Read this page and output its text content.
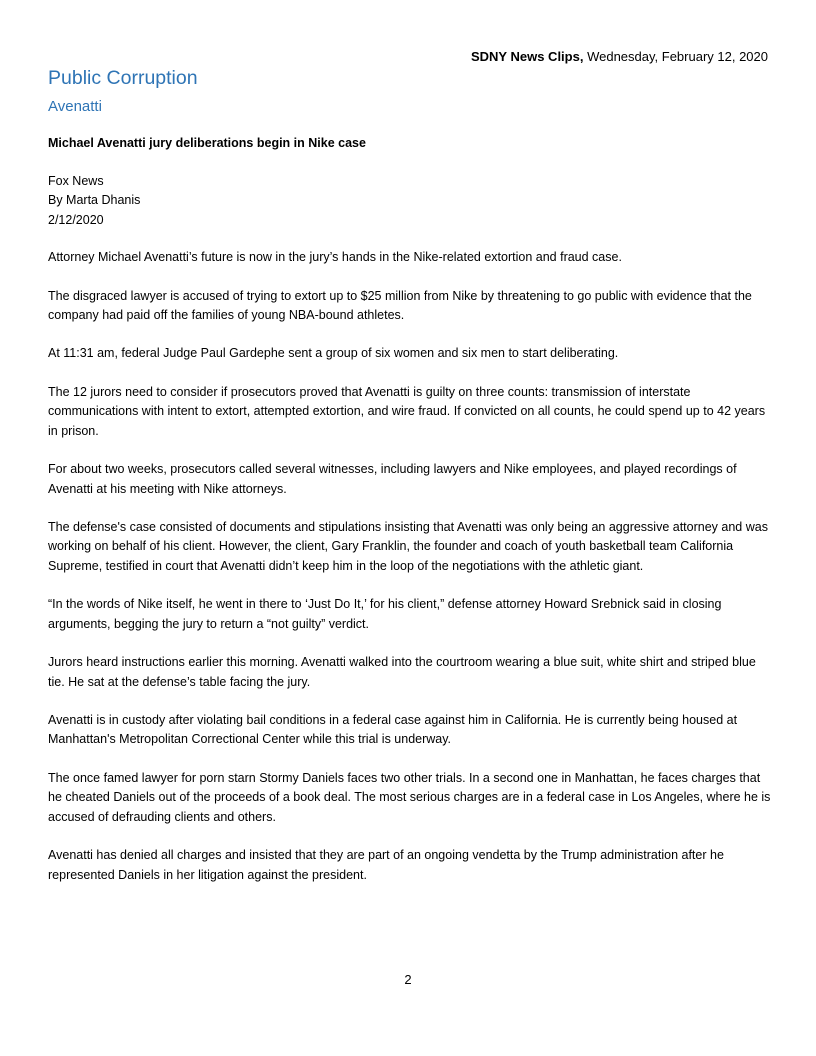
SDNY News Clips, Wednesday, February 12, 2020
Public Corruption
Avenatti
Michael Avenatti jury deliberations begin in Nike case
Fox News
By Marta Dhanis
2/12/2020

Attorney Michael Avenatti’s future is now in the jury’s hands in the Nike-related extortion and fraud case.

The disgraced lawyer is accused of trying to extort up to $25 million from Nike by threatening to go public with evidence that the company had paid off the families of young NBA-bound athletes.

At 11:31 am, federal Judge Paul Gardephe sent a group of six women and six men to start deliberating.

The 12 jurors need to consider if prosecutors proved that Avenatti is guilty on three counts: transmission of interstate communications with intent to extort, attempted extortion, and wire fraud. If convicted on all counts, he could spend up to 42 years in prison.

For about two weeks, prosecutors called several witnesses, including lawyers and Nike employees, and played recordings of Avenatti at his meeting with Nike attorneys.

The defense's case consisted of documents and stipulations insisting that Avenatti was only being an aggressive attorney and was working on behalf of his client. However, the client, Gary Franklin, the founder and coach of youth basketball team California Supreme, testified in court that Avenatti didn’t keep him in the loop of the negotiations with the athletic giant.

“In the words of Nike itself, he went in there to ‘Just Do It,’ for his client,” defense attorney Howard Srebnick said in closing arguments, begging the jury to return a “not guilty” verdict.

Jurors heard instructions earlier this morning. Avenatti walked into the courtroom wearing a blue suit, white shirt and striped blue tie. He sat at the defense’s table facing the jury.

Avenatti is in custody after violating bail conditions in a federal case against him in California. He is currently being housed at Manhattan's Metropolitan Correctional Center while this trial is underway.

The once famed lawyer for porn starn Stormy Daniels faces two other trials. In a second one in Manhattan, he faces charges that he cheated Daniels out of the proceeds of a book deal. The most serious charges are in a federal case in Los Angeles, where he is accused of defrauding clients and others.

Avenatti has denied all charges and insisted that they are part of an ongoing vendetta by the Trump administration after he represented Daniels in her litigation against the president.

2
